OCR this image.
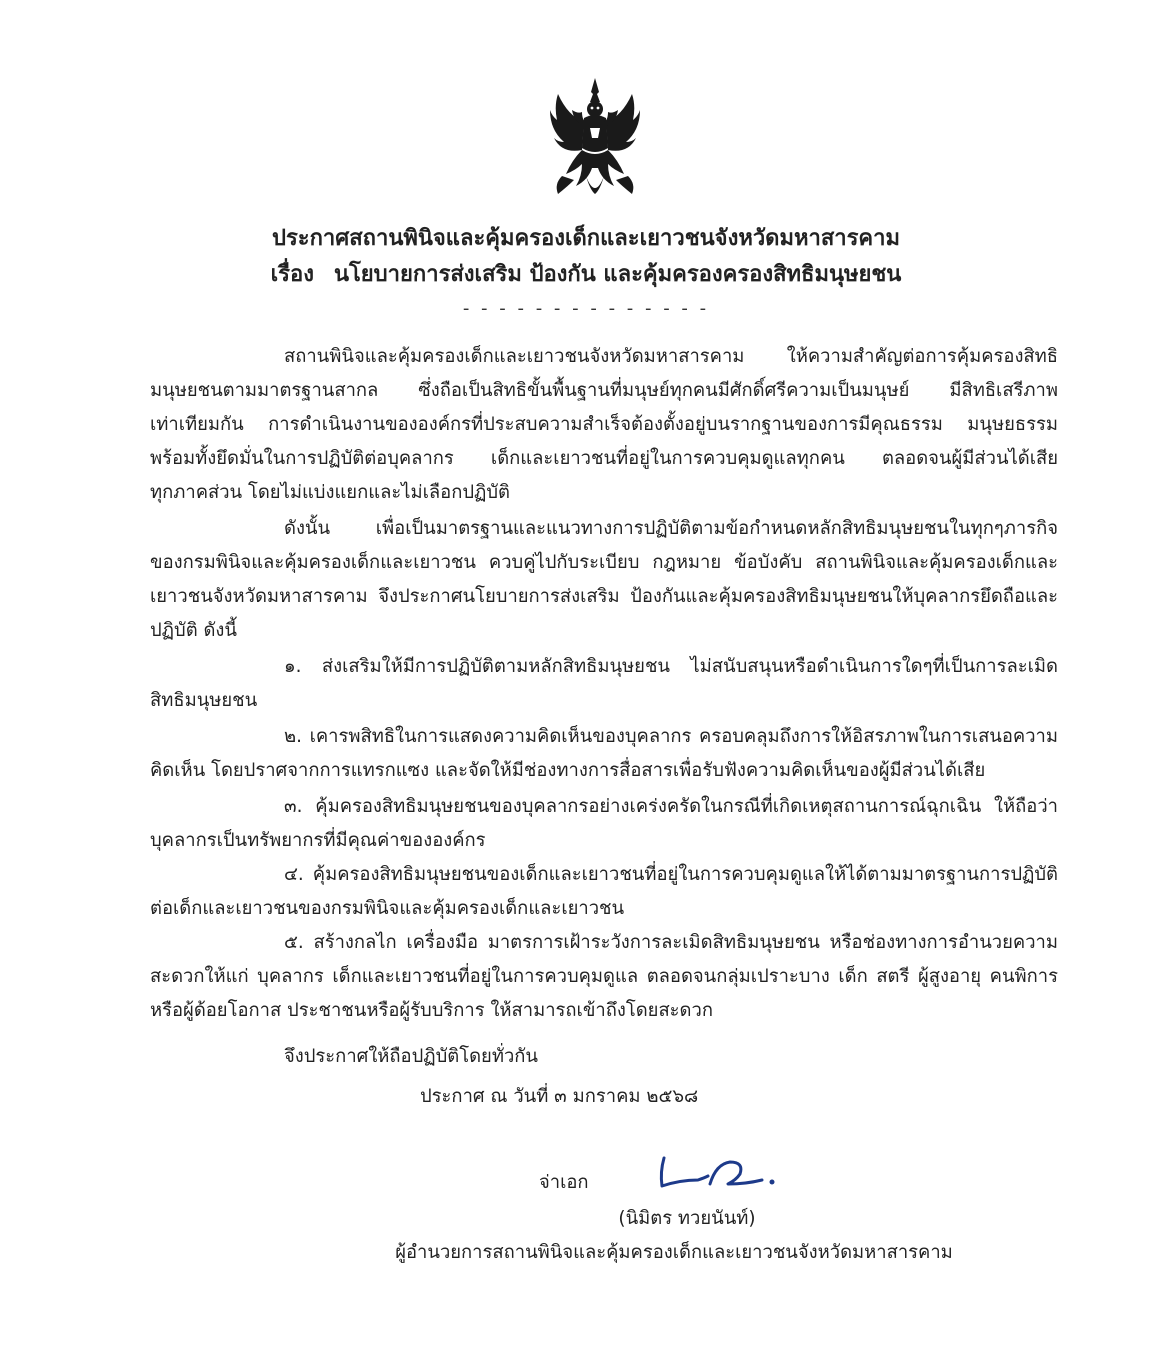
ประกาศสถานพินิจและคุ้มครองเด็กและเยาวชนจังหวัดมหาสารคาม
เรื่อง นโยบายการส่งเสริม ป้องกัน และคุ้มครองครองสิทธิมนุษยชน
- - - - - - - - - - - - - -
สถานพินิจและคุ้มครองเด็กและเยาวชนจังหวัดมหาสารคาม ให้ความสำคัญต่อการคุ้มครองสิทธิ
มนุษยชนตามมาตรฐานสากล ซึ่งถือเป็นสิทธิขั้นพื้นฐานที่มนุษย์ทุกคนมีศักดิ์ศรีความเป็นมนุษย์ มีสิทธิเสรีภาพ
เท่าเทียมกัน การดำเนินงานขององค์กรที่ประสบความสำเร็จต้องตั้งอยู่บนรากฐานของการมีคุณธรรม มนุษยธรรม
พร้อมทั้งยึดมั่นในการปฏิบัติต่อบุคลากร เด็กและเยาวชนที่อยู่ในการควบคุมดูแลทุกคน ตลอดจนผู้มีส่วนได้เสีย
ทุกภาคส่วน โดยไม่แบ่งแยกและไม่เลือกปฏิบัติ
ดังนั้น เพื่อเป็นมาตรฐานและแนวทางการปฏิบัติตามข้อกำหนดหลักสิทธิมนุษยชนในทุกๆภารกิจ
ของกรมพินิจและคุ้มครองเด็กและเยาวชน ควบคู่ไปกับระเบียบ กฎหมาย ข้อบังคับ สถานพินิจและคุ้มครองเด็กและ
เยาวชนจังหวัดมหาสารคาม จึงประกาศนโยบายการส่งเสริม ป้องกันและคุ้มครองสิทธิมนุษยชนให้บุคลากรยึดถือและ
ปฏิบัติ ดังนี้
๑. ส่งเสริมให้มีการปฏิบัติตามหลักสิทธิมนุษยชน ไม่สนับสนุนหรือดำเนินการใดๆที่เป็นการละเมิด
สิทธิมนุษยชน
๒. เคารพสิทธิในการแสดงความคิดเห็นของบุคลากร ครอบคลุมถึงการให้อิสรภาพในการเสนอความ
คิดเห็น โดยปราศจากการแทรกแซง และจัดให้มีช่องทางการสื่อสารเพื่อรับฟังความคิดเห็นของผู้มีส่วนได้เสีย
๓. คุ้มครองสิทธิมนุษยชนของบุคลากรอย่างเคร่งครัดในกรณีที่เกิดเหตุสถานการณ์ฉุกเฉิน ให้ถือว่า
บุคลากรเป็นทรัพยากรที่มีคุณค่าขององค์กร
๔. คุ้มครองสิทธิมนุษยชนของเด็กและเยาวชนที่อยู่ในการควบคุมดูแลให้ได้ตามมาตรฐานการปฏิบัติ
ต่อเด็กและเยาวชนของกรมพินิจและคุ้มครองเด็กและเยาวชน
๕. สร้างกลไก เครื่องมือ มาตรการเฝ้าระวังการละเมิดสิทธิมนุษยชน หรือช่องทางการอำนวยความ
สะดวกให้แก่ บุคลากร เด็กและเยาวชนที่อยู่ในการควบคุมดูแล ตลอดจนกลุ่มเปราะบาง เด็ก สตรี ผู้สูงอายุ คนพิการ
หรือผู้ด้อยโอกาส ประชาชนหรือผู้รับบริการ ให้สามารถเข้าถึงโดยสะดวก
จึงประกาศให้ถือปฏิบัติโดยทั่วกัน
ประกาศ ณ วันที่ ๓ มกราคม ๒๕๖๘
จ่าเอก
(นิมิตร ทวยนันท์)
ผู้อำนวยการสถานพินิจและคุ้มครองเด็กและเยาวชนจังหวัดมหาสารคาม
